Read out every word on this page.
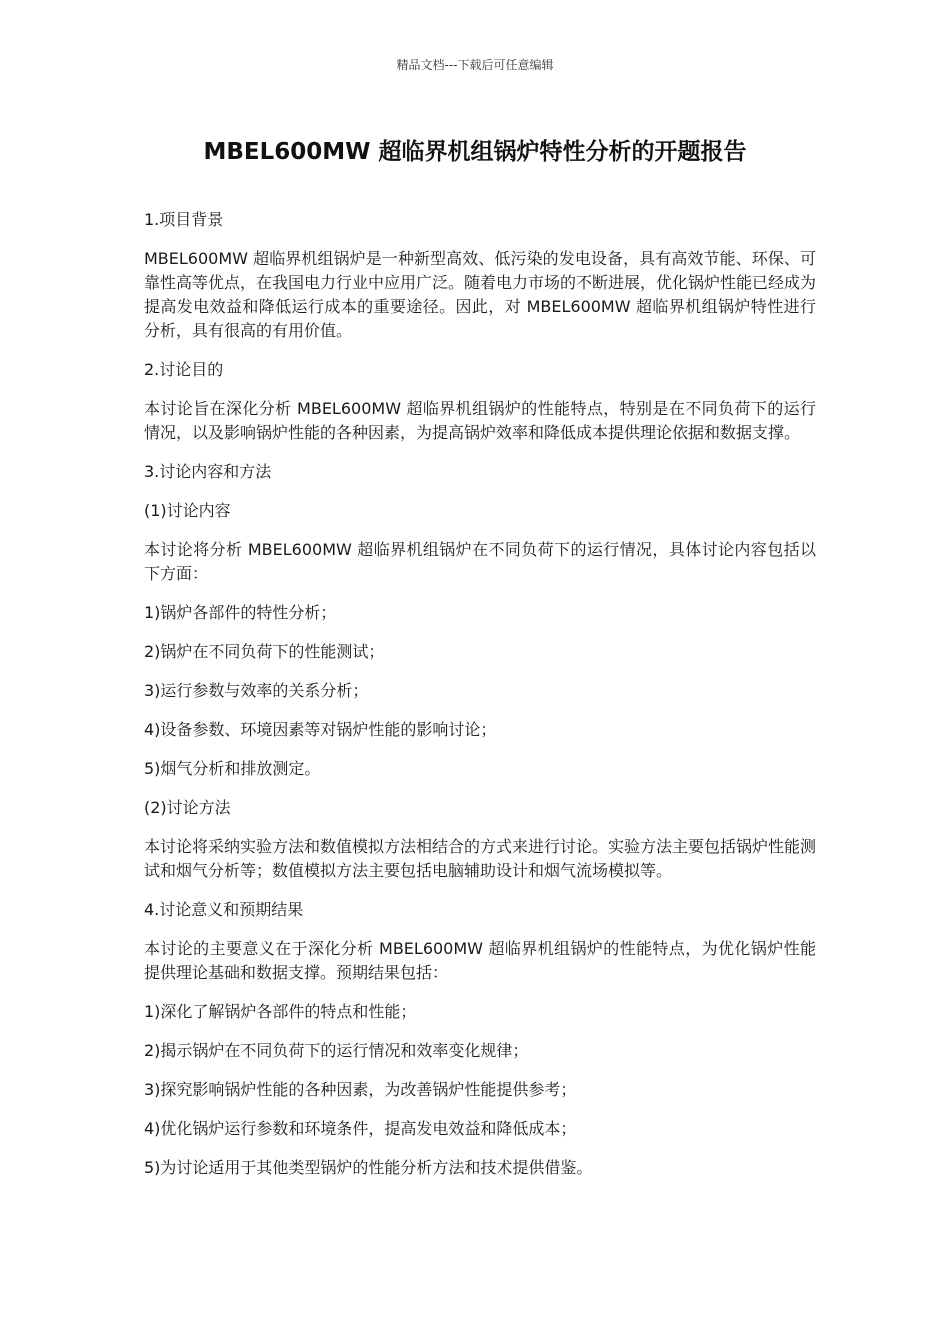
精品文档---下载后可任意编辑
MBEL600MW 超临界机组锅炉特性分析的开题报告

1.项目背景

MBEL600MW 超临界机组锅炉是一种新型高效、低污染的发电设备，具有高效节能、环保、可靠性高等优点，在我国电力行业中应用广泛。随着电力市场的不断进展，优化锅炉性能已经成为提高发电效益和降低运行成本的重要途径。因此，对 MBEL600MW 超临界机组锅炉特性进行分析，具有很高的有用价值。

2.讨论目的

本讨论旨在深化分析 MBEL600MW 超临界机组锅炉的性能特点，特别是在不同负荷下的运行情况，以及影响锅炉性能的各种因素，为提高锅炉效率和降低成本提供理论依据和数据支撑。

3.讨论内容和方法

(1)讨论内容

本讨论将分析 MBEL600MW 超临界机组锅炉在不同负荷下的运行情况，具体讨论内容包括以下方面：

1)锅炉各部件的特性分析；

2)锅炉在不同负荷下的性能测试；

3)运行参数与效率的关系分析；

4)设备参数、环境因素等对锅炉性能的影响讨论；

5)烟气分析和排放测定。

(2)讨论方法

本讨论将采纳实验方法和数值模拟方法相结合的方式来进行讨论。实验方法主要包括锅炉性能测试和烟气分析等；数值模拟方法主要包括电脑辅助设计和烟气流场模拟等。

4.讨论意义和预期结果

本讨论的主要意义在于深化分析 MBEL600MW 超临界机组锅炉的性能特点，为优化锅炉性能提供理论基础和数据支撑。预期结果包括：

1)深化了解锅炉各部件的特点和性能；

2)揭示锅炉在不同负荷下的运行情况和效率变化规律；

3)探究影响锅炉性能的各种因素，为改善锅炉性能提供参考；

4)优化锅炉运行参数和环境条件，提高发电效益和降低成本；

5)为讨论适用于其他类型锅炉的性能分析方法和技术提供借鉴。
